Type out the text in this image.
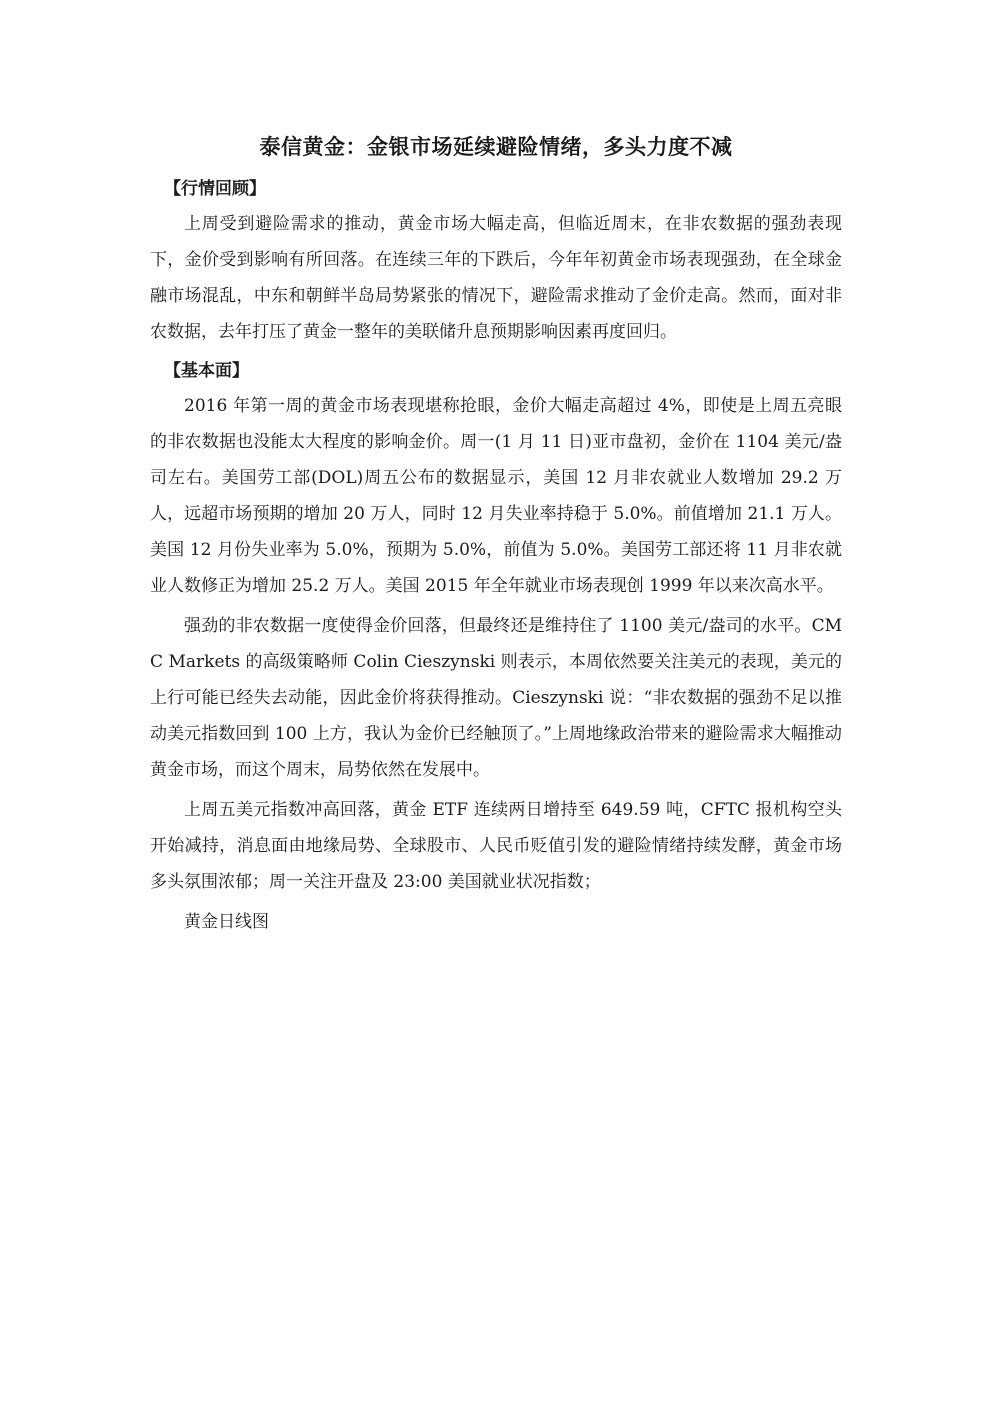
泰信黄金：金银市场延续避险情绪，多头力度不减
【行情回顾】

上周受到避险需求的推动，黄金市场大幅走高，但临近周末，在非农数据的强劲表现下，金价受到影响有所回落。在连续三年的下跌后，今年年初黄金市场表现强劲，在全球金融市场混乱，中东和朝鲜半岛局势紧张的情况下，避险需求推动了金价走高。然而，面对非农数据，去年打压了黄金一整年的美联储升息预期影响因素再度回归。

【基本面】

2016 年第一周的黄金市场表现堪称抢眼，金价大幅走高超过 4%，即使是上周五亮眼的非农数据也没能太大程度的影响金价。周一(1 月 11 日)亚市盘初，金价在 1104 美元/盎司左右。美国劳工部(DOL)周五公布的数据显示，美国 12 月非农就业人数增加 29.2 万人，远超市场预期的增加 20 万人，同时 12 月失业率持稳于 5.0%。前值增加 21.1 万人。美国 12 月份失业率为 5.0%，预期为 5.0%，前值为 5.0%。美国劳工部还将 11 月非农就业人数修正为增加 25.2 万人。美国 2015 年全年就业市场表现创 1999 年以来次高水平。

强劲的非农数据一度使得金价回落，但最终还是维持住了 1100 美元/盎司的水平。CMC Markets 的高级策略师 Colin Cieszynski 则表示，本周依然要关注美元的表现，美元的上行可能已经失去动能，因此金价将获得推动。Cieszynski 说：“非农数据的强劲不足以推动美元指数回到 100 上方，我认为金价已经触顶了。”上周地缘政治带来的避险需求大幅推动黄金市场，而这个周末，局势依然在发展中。

上周五美元指数冲高回落，黄金 ETF 连续两日增持至 649.59 吨，CFTC 报机构空头开始减持，消息面由地缘局势、全球股市、人民币贬值引发的避险情绪持续发酵，黄金市场多头氛围浓郁；周一关注开盘及 23:00 美国就业状况指数；

黄金日线图
